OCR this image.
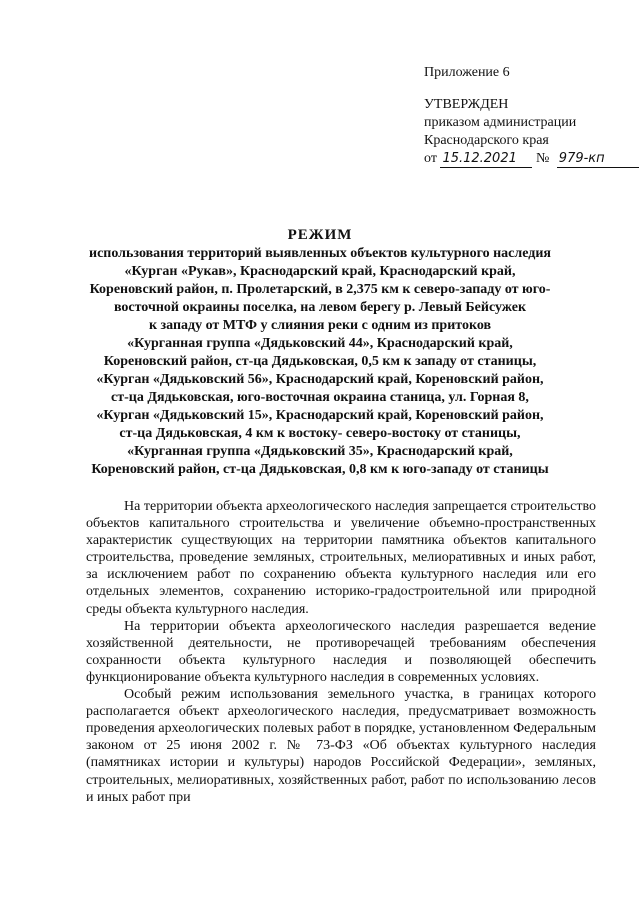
Приложение 6
УТВЕРЖДЕН
приказом администрации
Краснодарского края
от 15.12.2021 № 979-кп
РЕЖИМ
использования территорий выявленных объектов культурного наследия
«Курган «Рукав», Краснодарский край, Краснодарский край,
Кореновский район, п. Пролетарский, в 2,375 км к северо-западу от юго-
восточной окраины поселка, на левом берегу р. Левый Бейсужек
к западу от МТФ у слияния реки с одним из притоков
«Курганная группа «Дядьковский 44», Краснодарский край,
Кореновский район, ст-ца Дядьковская, 0,5 км к западу от станицы,
«Курган «Дядьковский 56», Краснодарский край, Кореновский район,
ст-ца Дядьковская, юго-восточная окраина станица, ул. Горная 8,
«Курган «Дядьковский 15», Краснодарский край, Кореновский район,
ст-ца Дядьковская, 4 км к востоку- северо-востоку от станицы,
«Курганная группа «Дядьковский 35», Краснодарский край,
Кореновский район, ст-ца Дядьковская, 0,8 км к юго-западу от станицы

На территории объекта археологического наследия запрещается строительство объектов капитального строительства и увеличение объемно-пространственных характеристик существующих на территории памятника объектов капитального строительства, проведение земляных, строительных, мелиоративных и иных работ, за исключением работ по сохранению объекта культурного наследия или его отдельных элементов, сохранению историко-градостроительной или природной среды объекта культурного наследия.

На территории объекта археологического наследия разрешается ведение хозяйственной деятельности, не противоречащей требованиям обеспечения сохранности объекта культурного наследия и позволяющей обеспечить функционирование объекта культурного наследия в современных условиях.

Особый режим использования земельного участка, в границах которого располагается объект археологического наследия, предусматривает возможность проведения археологических полевых работ в порядке, установленном Федеральным законом от 25 июня 2002 г. № 73-ФЗ «Об объектах культурного наследия (памятниках истории и культуры) народов Российской Федерации», земляных, строительных, мелиоративных, хозяйственных работ, работ по использованию лесов и иных работ при
